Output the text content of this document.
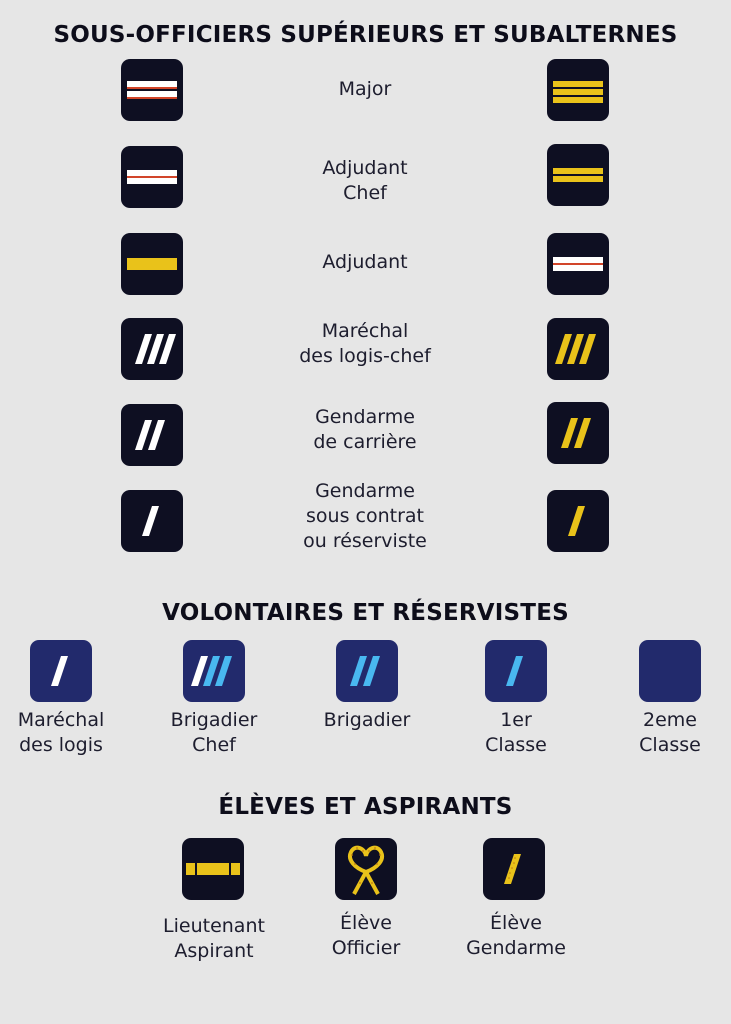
SOUS-OFFICIERS SUPÉRIEURS ET SUBALTERNES
Major
Adjudant
Chef
Adjudant
Maréchal
des logis-chef
Gendarme
de carrière
Gendarme
sous contrat
ou réserviste
VOLONTAIRES ET RÉSERVISTES
Maréchal
des logis
Brigadier
Chef
Brigadier	1er
Classe
2eme
Classe
ÉLÈVES ET ASPIRANTS
Lieutenant
Aspirant
Élève
Officier
Élève
Gendarme
